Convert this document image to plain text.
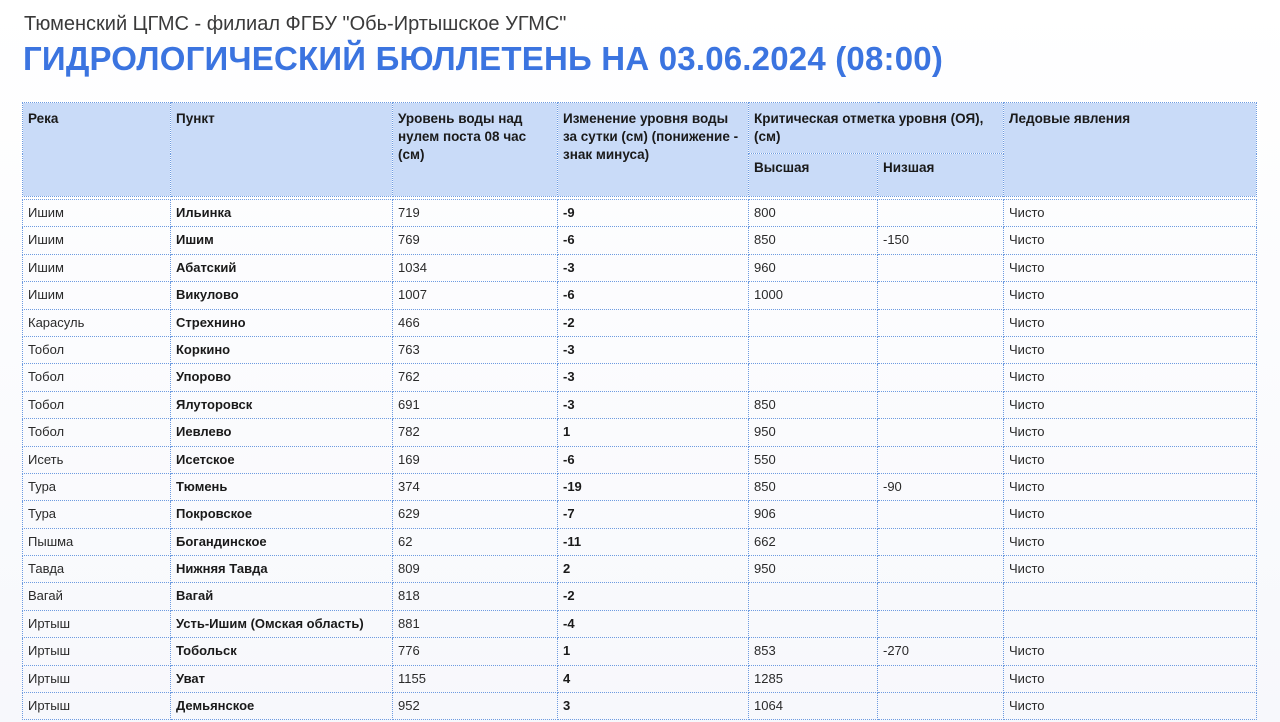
Тюменский ЦГМС - филиал ФГБУ "Обь-Иртышское УГМС"
ГИДРОЛОГИЧЕСКИЙ БЮЛЛЕТЕНЬ НА 03.06.2024 (08:00)
Река	Пункт	Уровень воды над нулем поста 08 час (см)	Изменение уровня воды за сутки (см) (понижение - знак минуса)	Критическая отметка уровня (ОЯ), (см)		Ледовые явления
				Высшая	Низшая	

Ишим	Ильинка	719	-9	800		Чисто
Ишим	Ишим	769	-6	850	-150	Чисто
Ишим	Абатский	1034	-3	960		Чисто
Ишим	Викулово	1007	-6	1000		Чисто
Карасуль	Стрехнино	466	-2			Чисто
Тобол	Коркино	763	-3			Чисто
Тобол	Упорово	762	-3			Чисто
Тобол	Ялуторовск	691	-3	850		Чисто
Тобол	Иевлево	782	1	950		Чисто
Исеть	Исетское	169	-6	550		Чисто
Тура	Тюмень	374	-19	850	-90	Чисто
Тура	Покровское	629	-7	906		Чисто
Пышма	Богандинское	62	-11	662		Чисто
Тавда	Нижняя Тавда	809	2	950		Чисто
Вагай	Вагай	818	-2			
Иртыш	Усть-Ишим (Омская область)	881	-4			
Иртыш	Тобольск	776	1	853	-270	Чисто
Иртыш	Уват	1155	4	1285		Чисто
Иртыш	Демьянское	952	3	1064		Чисто
